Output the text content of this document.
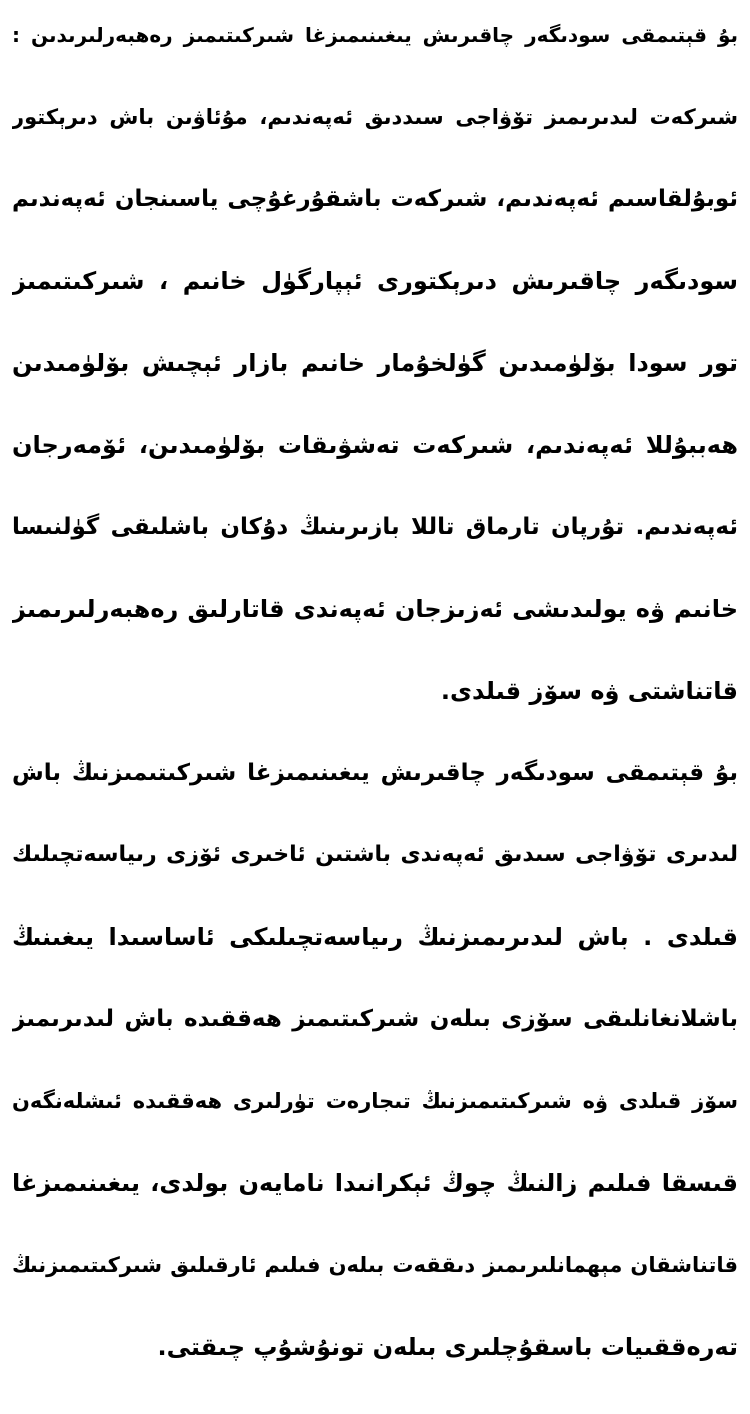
بۇ قېتىمقى سودىگەر چاقىرىش يىغىنىمىزغا شىركىتىمىز رەھبەرلىرىدىن :
شىركەت لىدىرىمىز تۆۋاجى سىددىق ئەپەندىم، مۇئاۋىن باش دىرېكتور
ئوبۇلقاسىم ئەپەندىم، شىركەت باشقۇرغۇچى ياسىنجان ئەپەندىم
سودىگەر چاقىرىش دىرېكتورى ئېپارگۈل خانىم ، شىركىتىمىز
تور سودا بۆلۈمىدىن گۈلخۇمار خانىم بازار ئېچىش بۆلۈمىدىن
ھەببۇللا ئەپەندىم، شىركەت تەشۋىقات بۆلۈمىدىن، ئۆمەرجان
ئەپەندىم. تۇرپان تارماق تاللا بازىرىنىڭ دۇكان باشلىقى گۈلنىسا
خانىم ۋە يولىدىشى ئەزىزجان ئەپەندى قاتارلىق رەھبەرلىرىمىز
قاتناشتى ۋە سۆز قىلدى.
بۇ قېتىمقى سودىگەر چاقىرىش يىغىنىمىزغا شىركىتىمىزنىڭ باش
لىدىرى تۆۋاجى سىدىق ئەپەندى باشتىن ئاخىرى ئۆزى رىياسەتچىلىك
قىلدى . باش لىدىرىمىزنىڭ رىياسەتچىلىكى ئاساسىدا يىغىنىڭ
باشلانغانلىقى سۆزى بىلەن شىركىتىمىز ھەققىدە باش لىدىرىمىز
سۆز قىلدى ۋە شىركىتىمىزنىڭ تىجارەت تۈرلىرى ھەققىدە ئىشلەنگەن
قىسقا فىلىم زالنىڭ چوڭ ئېكرانىدا نامايەن بولدى، يىغىنىمىزغا
قاتناشقان مېھمانلىرىمىز دىققەت بىلەن فىلىم ئارقىلىق شىركىتىمىزنىڭ
تەرەققىيات باسقۇچلىرى بىلەن تونۇشۇپ چىقتى.
